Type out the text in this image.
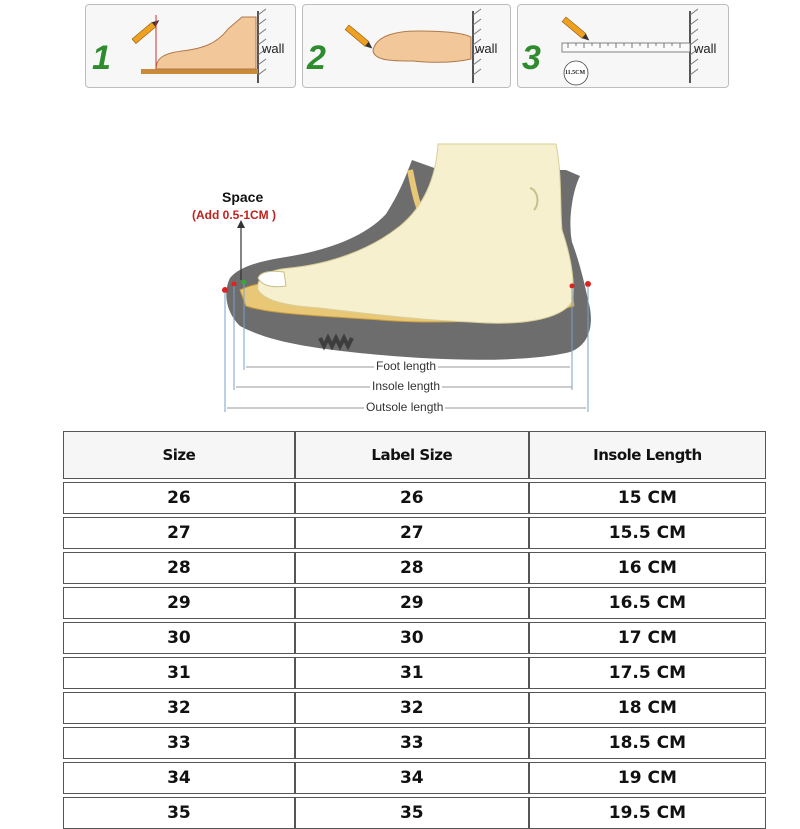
1	wall 2	wall 3	11.5CM
wall
Space
(Add 0.5-1CM )
Foot length
Insole length
Outsole length
Size	Label Size	Insole Length

26	26	15 CM

27	27	15.5 CM

28	28	16 CM

29	29	16.5 CM

30	30	17 CM

31	31	17.5 CM

32	32	18 CM

33	33	18.5 CM

34	34	19 CM

35	35	19.5 CM
